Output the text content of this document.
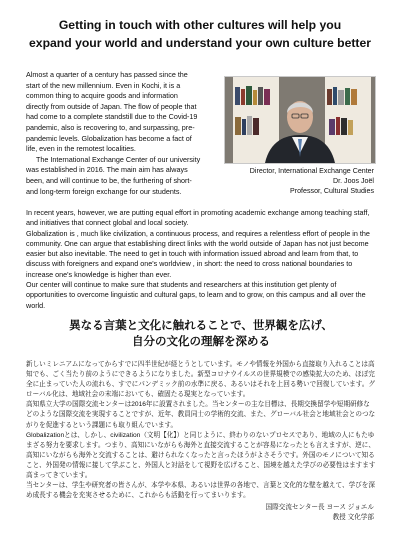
Getting in touch with other cultures will help you
expand your world and understand your own culture better

Almost a quarter of a century has passed since the start of the new millennium. Even in Kochi, it is a common thing to acquire goods and information directly from outside of Japan. The flow of people that had come to a complete standstill due to the Covid-19 pandemic, also is recovering to, and surpassing, pre-pandemic levels. Globalization has become a fact of life, even in the remotest localities.

The International Exchange Center of our university was established in 2016. The main aim has always been, and will continue to be, the furthering of short- and long-term foreign exchange for our students.

Director, International Exchange Center
Dr. Joos Joël
Professor, Cultural Studies

In recent years, however, we are putting equal effort in promoting academic exchange among teaching staff, and initiatives that connect global and local society.

Globalization is , much like civilization, a continuous process, and requires a relentless effort of people in the community. One can argue that establishing direct links with the world outside of Japan has not just become easier but also inevitable. The need to get in touch with information issued abroad and learn from that, to discuss with foreigners and expand one's worldview , in short: the need to cross national boundaries to increase one's knowledge is higher than ever.

Our center will continue to make sure that students and researchers at this institution get plenty of opportunities to overcome linguistic and cultural gaps, to learn and to grow, on this campus and all over the world.

異なる言葉と文化に触れることで、世界観を広げ、
自分の文化の理解を深める

新しいミレニアムになってからすでに四半世紀が経とうとしています。モノや情報を外国から直接取り入れることは高知でも、ごく当たり前のようにできるようになりました。新型コロナウイルスの世界規模での感染拡大のため、ほぼ完全に止まっていた人の流れも、すでにパンデミック前の水準に戻る、あるいはそれを上回る勢いで回復しています。グローバル化は、地域社会の末端においても、確固たる現実となっています。

高知県立大学の国際交流センターは2016年に設置されました。当センターの主な目標は、長期交換留学や短期研修などのような国際交流を実現することですが、近年、教員同士の学術的交流、また、グローバル社会と地域社会とのつながりを促進するという課題にも取り組んでいます。

Globalizationとは、しかし、civilization（文明【化】）と同じように、終わりのないプロセスであり、地域の人にもたゆまざる努力を要求します。つまり、高知にいながらも海外と直接交流することが容易になったとも言えますが、逆に、高知にいながらも海外と交流することは、避けられなくなったと言ったほうがよさそうです。外国のモノについて知ること、外国発の情報に接して学ぶこと、外国人と対話をして視野を広げること、国境を越えた学びの必要性はますます高まってきています。

当センターは、学生や研究者の皆さんが、本学や本県、あるいは世界の各地で、言葉と文化的な壁を越えて、学びを深め成長する機会を充実させるために、これからも活動を行ってまいります。

国際交流センター長 ヨース ジョエル
教授 文化学部
